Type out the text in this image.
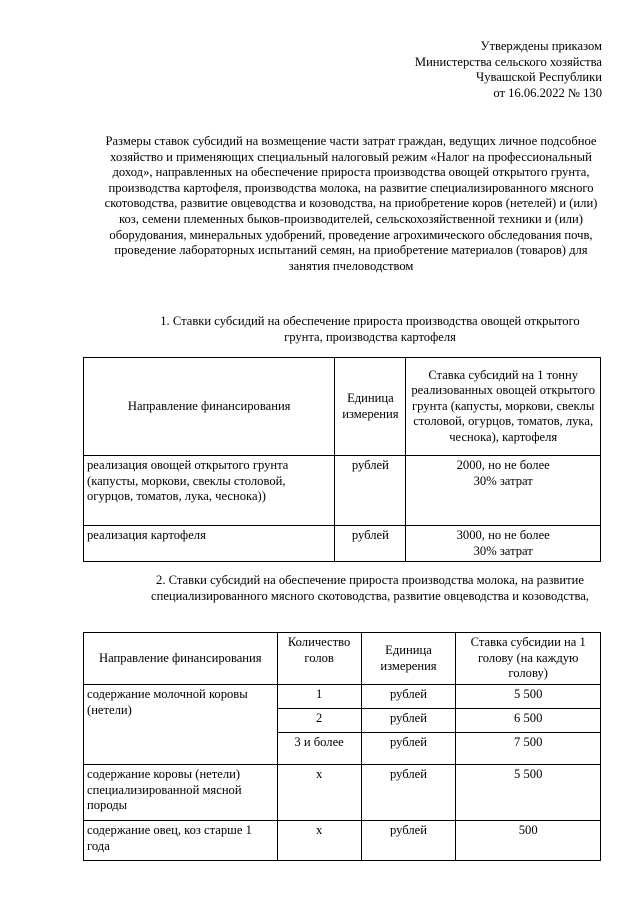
Утверждены приказом
Министерства сельского хозяйства
Чувашской Республики
от 16.06.2022 № 130
Размеры ставок субсидий на возмещение части затрат граждан, ведущих личное подсобное хозяйство и применяющих специальный налоговый режим «Налог на профессиональный доход», направленных на обеспечение прироста производства овощей открытого грунта, производства картофеля, производства молока, на развитие специализированного мясного скотоводства, развитие овцеводства и козоводства, на приобретение коров (нетелей) и (или) коз, семени племенных быков-производителей, сельскохозяйственной техники и (или) оборудования, минеральных удобрений, проведение агрохимического обследования почв, проведение лабораторных испытаний семян, на приобретение материалов (товаров) для занятия пчеловодством
1. Ставки субсидий на обеспечение прироста производства овощей открытого грунта, производства картофеля
Направление финансирования	Единица измерения	Ставка субсидий на 1 тонну реализованных овощей открытого грунта (капусты, моркови, свеклы столовой, огурцов, томатов, лука, чеснока), картофеля
реализация овощей открытого грунта (капусты, моркови, свеклы столовой, огурцов, томатов, лука, чеснока))	рублей	2000, но не более
30% затрат

реализация картофеля	рублей	3000, но не более
30% затрат
2. Ставки субсидий на обеспечение прироста производства молока, на развитие специализированного мясного скотоводства, развитие овцеводства и козоводства,
Направление финансирования	Количество голов	Единица измерения	Ставка субсидии на 1 голову (на каждую голову)
содержание молочной коровы (нетели)	1	рублей	5 500
	2	рублей	6 500
	3 и более	рублей	7 500
содержание коровы (нетели) специализированной мясной породы	х	рублей	5 500
содержание овец, коз старше 1 года	х	рублей	500
